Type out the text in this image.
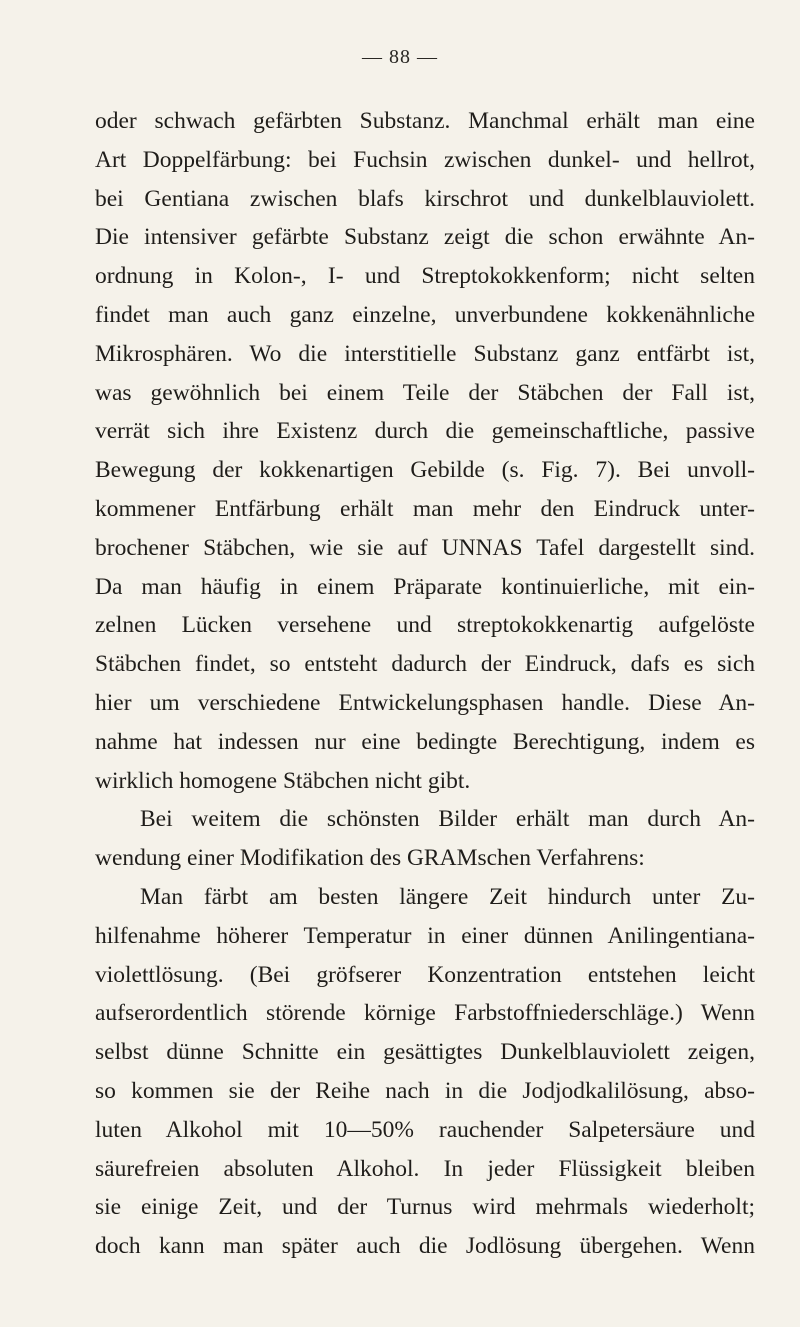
— 88 —
oder schwach gefärbten Substanz. Manchmal erhält man eine
Art Doppelfärbung: bei Fuchsin zwischen dunkel- und hellrot,
bei Gentiana zwischen blafs kirschrot und dunkelblauviolett.
Die intensiver gefärbte Substanz zeigt die schon erwähnte An-
ordnung in Kolon-, I- und Streptokokkenform; nicht selten
findet man auch ganz einzelne, unverbundene kokkenähnliche
Mikrosphären. Wo die interstitielle Substanz ganz entfärbt ist,
was gewöhnlich bei einem Teile der Stäbchen der Fall ist,
verrät sich ihre Existenz durch die gemeinschaftliche, passive
Bewegung der kokkenartigen Gebilde (s. Fig. 7). Bei unvoll-
kommener Entfärbung erhält man mehr den Eindruck unter-
brochener Stäbchen, wie sie auf UNNAS Tafel dargestellt sind.
Da man häufig in einem Präparate kontinuierliche, mit ein-
zelnen Lücken versehene und streptokokkenartig aufgelöste
Stäbchen findet, so entsteht dadurch der Eindruck, dafs es sich
hier um verschiedene Entwickelungsphasen handle. Diese An-
nahme hat indessen nur eine bedingte Berechtigung, indem es
wirklich homogene Stäbchen nicht gibt.
Bei weitem die schönsten Bilder erhält man durch An-
wendung einer Modifikation des GRAMschen Verfahrens:
Man färbt am besten längere Zeit hindurch unter Zu-
hilfenahme höherer Temperatur in einer dünnen Anilingentiana-
violettlösung. (Bei gröfserer Konzentration entstehen leicht
aufserordentlich störende körnige Farbstoffniederschläge.) Wenn
selbst dünne Schnitte ein gesättigtes Dunkelblauviolett zeigen,
so kommen sie der Reihe nach in die Jodjodkalilösung, abso-
luten Alkohol mit 10—50% rauchender Salpetersäure und
säurefreien absoluten Alkohol. In jeder Flüssigkeit bleiben
sie einige Zeit, und der Turnus wird mehrmals wiederholt;
doch kann man später auch die Jodlösung übergehen. Wenn
